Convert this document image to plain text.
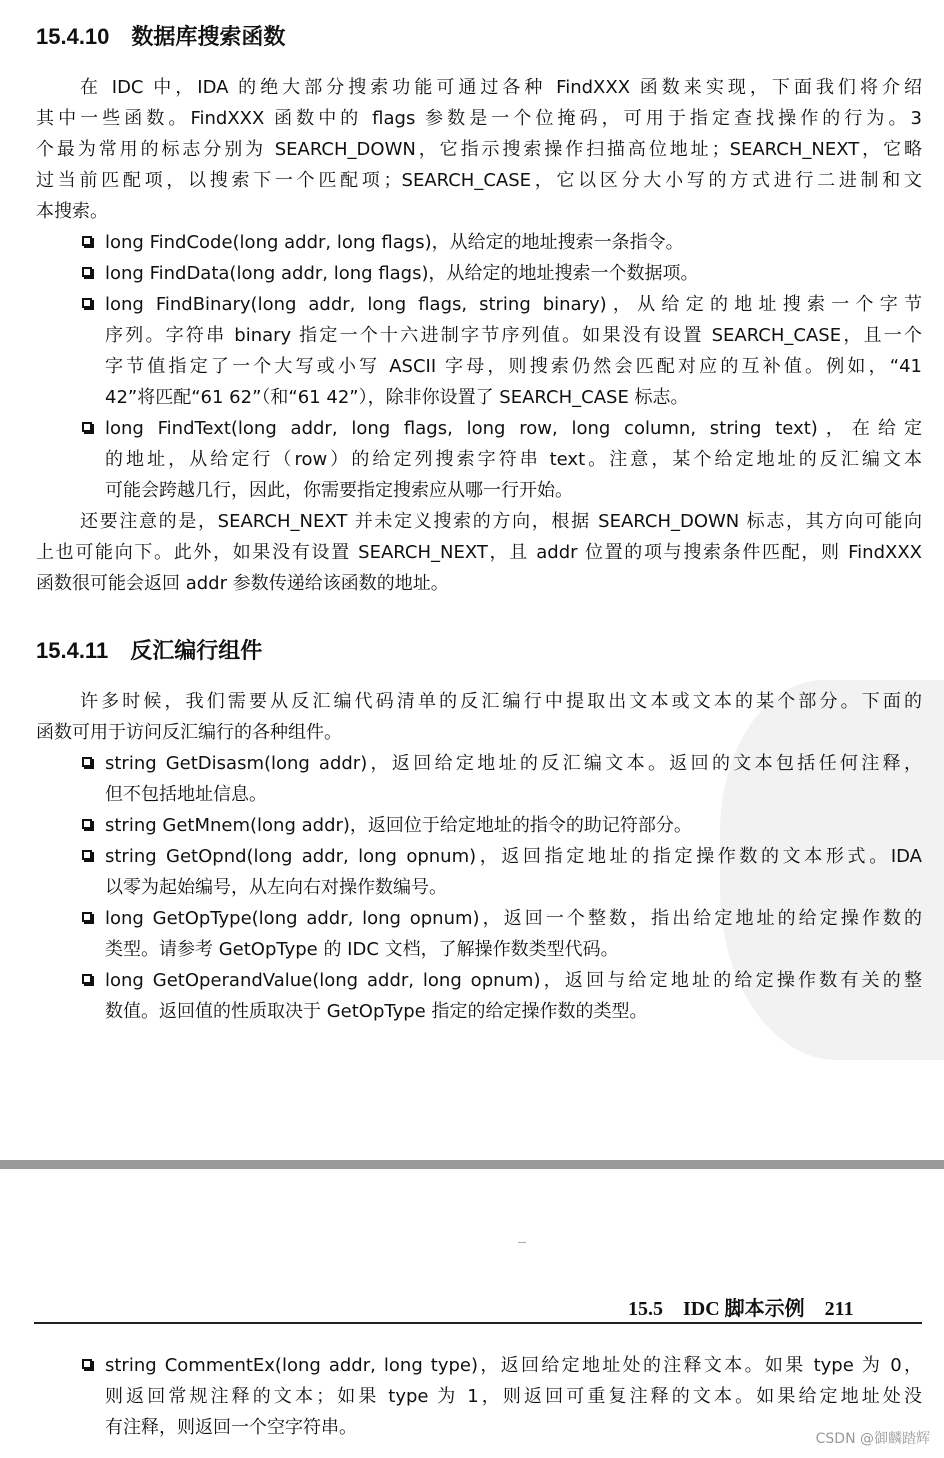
15.4.10 数据库搜索函数
在 IDC 中，IDA 的绝大部分搜索功能可通过各种 FindXXX 函数来实现，下面我们将介绍
其中一些函数。FindXXX 函数中的 flags 参数是一个位掩码，可用于指定查找操作的行为。3
个最为常用的标志分别为 SEARCH_DOWN，它指示搜索操作扫描高位地址；SEARCH_NEXT，它略
过当前匹配项，以搜索下一个匹配项；SEARCH_CASE，它以区分大小写的方式进行二进制和文
本搜索。
long FindCode(long addr, long flags)，从给定的地址搜索一条指令。
long FindData(long addr, long flags)，从给定的地址搜索一个数据项。
long FindBinary(long addr, long flags, string binary)，从给定的地址搜索一个字节
序列。字符串 binary 指定一个十六进制字节序列值。如果没有设置 SEARCH_CASE，且一个
字节值指定了一个大写或小写 ASCII 字母，则搜索仍然会匹配对应的互补值。例如，“41
42”将匹配“61 62”（和“61 42”），除非你设置了 SEARCH_CASE 标志。
long FindText(long addr, long flags, long row, long column, string text)，在给定
的地址，从给定行（row）的给定列搜索字符串 text。注意，某个给定地址的反汇编文本
可能会跨越几行，因此，你需要指定搜索应从哪一行开始。
还要注意的是，SEARCH_NEXT 并未定义搜索的方向，根据 SEARCH_DOWN 标志，其方向可能向
上也可能向下。此外，如果没有设置 SEARCH_NEXT，且 addr 位置的项与搜索条件匹配，则 FindXXX
函数很可能会返回 addr 参数传递给该函数的地址。
15.4.11 反汇编行组件
许多时候，我们需要从反汇编代码清单的反汇编行中提取出文本或文本的某个部分。下面的
函数可用于访问反汇编行的各种组件。
string GetDisasm(long addr)，返回给定地址的反汇编文本。返回的文本包括任何注释，
但不包括地址信息。
string GetMnem(long addr)，返回位于给定地址的指令的助记符部分。
string GetOpnd(long addr, long opnum)，返回指定地址的指定操作数的文本形式。IDA
以零为起始编号，从左向右对操作数编号。
long GetOpType(long addr, long opnum)，返回一个整数，指出给定地址的给定操作数的
类型。请参考 GetOpType 的 IDC 文档，了解操作数类型代码。
long GetOperandValue(long addr, long opnum)，返回与给定地址的给定操作数有关的整
数值。返回值的性质取决于 GetOpType 指定的给定操作数的类型。
15.5 IDC 脚本示例 211
string CommentEx(long addr, long type)，返回给定地址处的注释文本。如果 type 为 0，
则返回常规注释的文本；如果 type 为 1，则返回可重复注释的文本。如果给定地址处没
有注释，则返回一个空字符串。
CSDN @御麟踏辉
